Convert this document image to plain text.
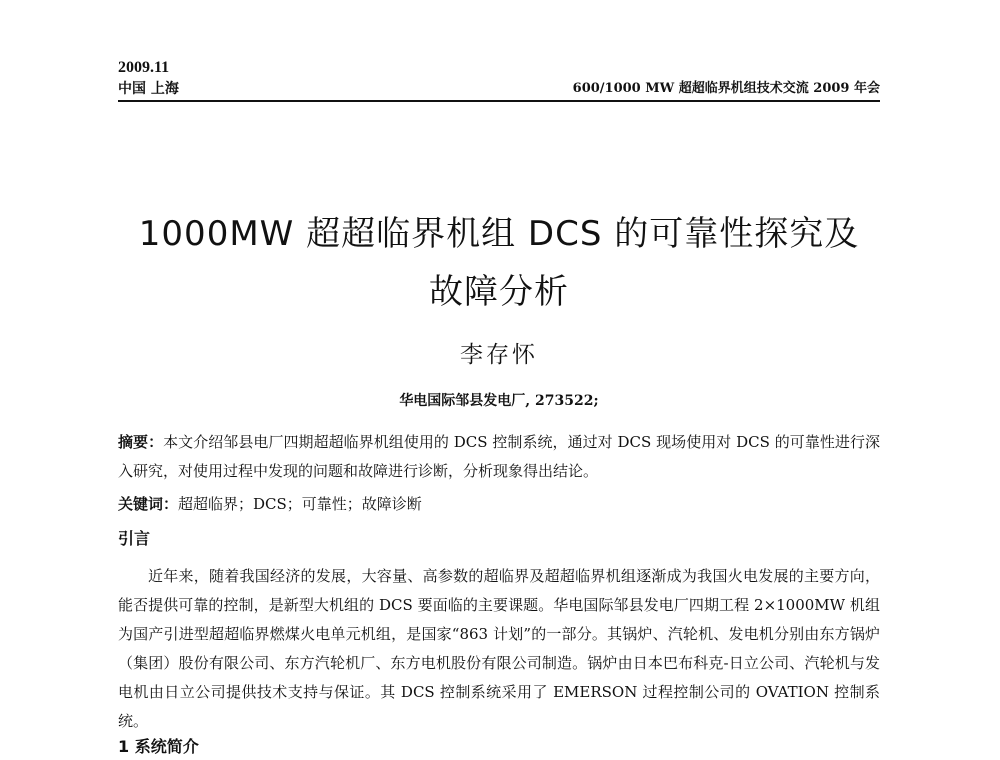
2009.11
中国 上海	600/1000 MW 超超临界机组技术交流 2009 年会
1000MW 超超临界机组 DCS 的可靠性探究及
故障分析
李存怀
华电国际邹县发电厂, 273522;
摘要：本文介绍邹县电厂四期超超临界机组使用的 DCS 控制系统，通过对 DCS 现场使用对 DCS 的可靠性进行深入研究，对使用过程中发现的问题和故障进行诊断，分析现象得出结论。
关键词：超超临界；DCS；可靠性；故障诊断
引言
近年来，随着我国经济的发展，大容量、高参数的超临界及超超临界机组逐渐成为我国火电发展的主要方向，能否提供可靠的控制，是新型大机组的 DCS 要面临的主要课题。华电国际邹县发电厂四期工程 2×1000MW 机组为国产引进型超超临界燃煤火电单元机组，是国家“863 计划”的一部分。其锅炉、汽轮机、发电机分别由东方锅炉（集团）股份有限公司、东方汽轮机厂、东方电机股份有限公司制造。锅炉由日本巴布科克-日立公司、汽轮机与发电机由日立公司提供技术支持与保证。其 DCS 控制系统采用了 EMERSON 过程控制公司的 OVATION 控制系统。
1 系统简介
